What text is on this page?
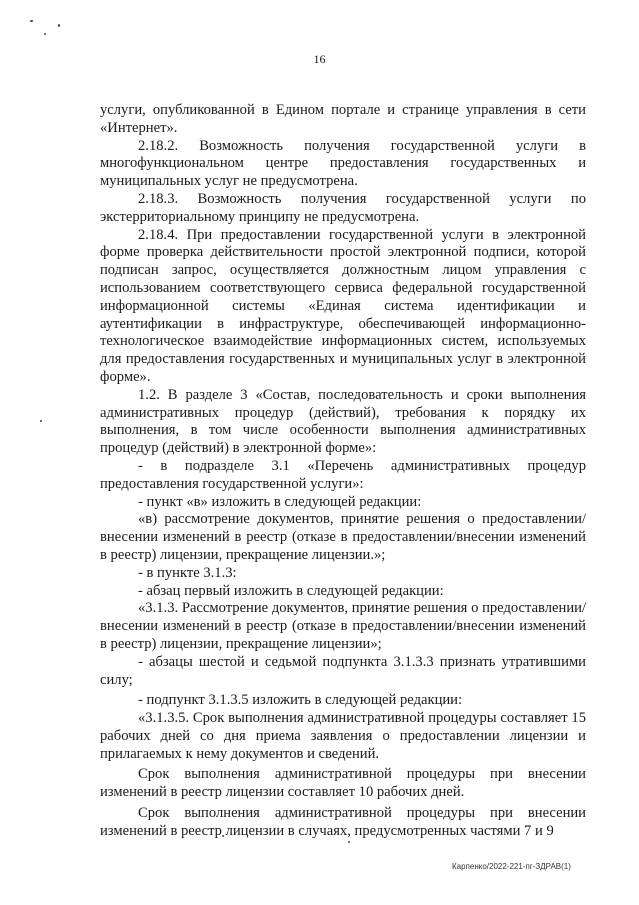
16

услуги, опубликованной в Едином портале и странице управления в сети «Интернет».

2.18.2. Возможность получения государственной услуги в многофункциональном центре предоставления государственных и муниципальных услуг не предусмотрена.

2.18.3. Возможность получения государственной услуги по экстерриториальному принципу не предусмотрена.

2.18.4. При предоставлении государственной услуги в электронной форме проверка действительности простой электронной подписи, которой подписан запрос, осуществляется должностным лицом управления с использованием соответствующего сервиса федеральной государственной информационной системы «Единая система идентификации и аутентификации в инфраструктуре, обеспечивающей информационно-технологическое взаимодействие информационных систем, используемых для предоставления государственных и муниципальных услуг в электронной форме».

1.2. В разделе 3 «Состав, последовательность и сроки выполнения административных процедур (действий), требования к порядку их выполнения, в том числе особенности выполнения административных процедур (действий) в электронной форме»:

- в подразделе 3.1 «Перечень административных процедур предоставления государственной услуги»:

- пункт «в» изложить в следующей редакции:

«в) рассмотрение документов, принятие решения о предоставлении/внесении изменений в реестр (отказе в предоставлении/внесении изменений в реестр) лицензии, прекращение лицензии.»;

- в пункте 3.1.3:

- абзац первый изложить в следующей редакции:

«3.1.3. Рассмотрение документов, принятие решения о предоставлении/внесении изменений в реестр (отказе в предоставлении/внесении изменений в реестр) лицензии, прекращение лицензии»;

- абзацы шестой и седьмой подпункта 3.1.3.3 признать утратившими силу;

- подпункт 3.1.3.5 изложить в следующей редакции:

«3.1.3.5. Срок выполнения административной процедуры составляет 15 рабочих дней со дня приема заявления о предоставлении лицензии и прилагаемых к нему документов и сведений.

Срок выполнения административной процедуры при внесении изменений в реестр лицензии составляет 10 рабочих дней.

Срок выполнения административной процедуры при внесении изменений в реестр лицензии в случаях, предусмотренных частями 7 и 9

Карпенко/2022-221-пг-ЗДРАВ(1)
